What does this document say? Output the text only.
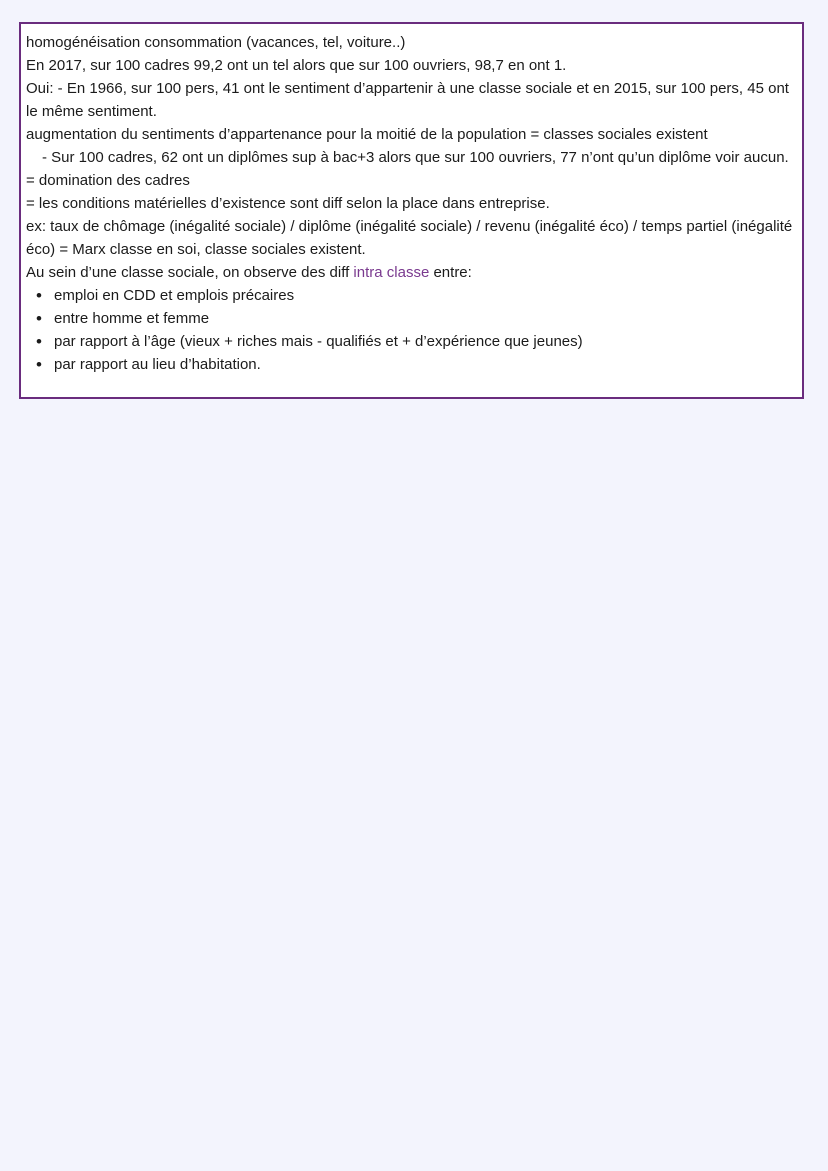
homogénéisation consommation (vacances, tel, voiture..)

En 2017, sur 100 cadres 99,2 ont un tel alors que sur 100 ouvriers, 98,7 en ont 1.

Oui: - En 1966, sur 100 pers, 41 ont le sentiment d’appartenir à une classe sociale et en 2015, sur 100 pers, 45 ont le même sentiment.

augmentation du sentiments d’appartenance pour la moitié de la population = classes sociales existent

- Sur 100 cadres, 62 ont un diplômes sup à bac+3 alors que sur 100 ouvriers, 77 n’ont qu’un diplôme voir aucun.

= domination des cadres

= les conditions matérielles d’existence sont diff selon la place dans entreprise.

ex: taux de chômage (inégalité sociale) / diplôme (inégalité sociale) / revenu (inégalité éco) / temps partiel (inégalité éco) = Marx classe en soi, classe sociales existent.

Au sein d’une classe sociale, on observe des diff intra classe entre:

• emploi en CDD et emplois précaires
• entre homme et femme
• par rapport à l’âge (vieux + riches mais - qualifiés et + d’expérience que jeunes)
• par rapport au lieu d’habitation.
